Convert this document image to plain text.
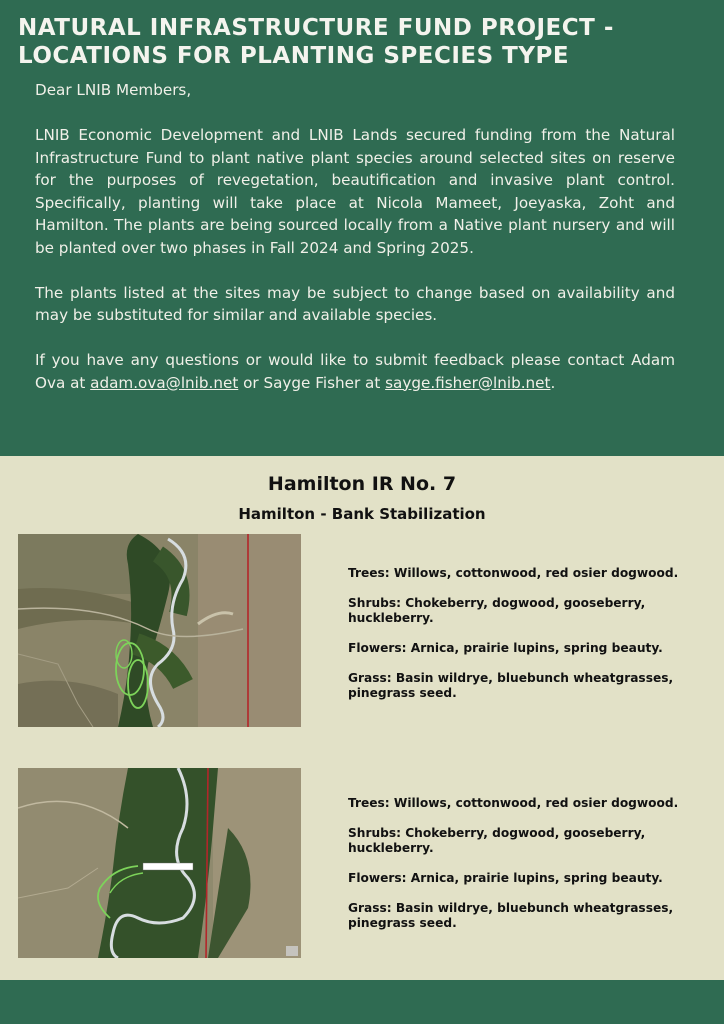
NATURAL INFRASTRUCTURE FUND PROJECT -
LOCATIONS FOR PLANTING SPECIES TYPE

Dear LNIB Members,

LNIB Economic Development and LNIB Lands secured funding from the Natural Infrastructure Fund to plant native plant species around selected sites on reserve for the purposes of revegetation, beautification and invasive plant control. Specifically, planting will take place at Nicola Mameet, Joeyaska, Zoht and Hamilton. The plants are being sourced locally from a Native plant nursery and will be planted over two phases in Fall 2024 and Spring 2025.

The plants listed at the sites may be subject to change based on availability and may be substituted for similar and available species.

If you have any questions or would like to submit feedback please contact Adam Ova at adam.ova@lnib.net or Sayge Fisher at sayge.fisher@lnib.net.

Hamilton IR No. 7
Hamilton - Bank Stabilization

Trees: Willows, cottonwood, red osier dogwood.

Shrubs: Chokeberry, dogwood, gooseberry, huckleberry.

Flowers: Arnica, prairie lupins, spring beauty.

Grass: Basin wildrye, bluebunch wheatgrasses, pinegrass seed.

Trees: Willows, cottonwood, red osier dogwood.

Shrubs: Chokeberry, dogwood, gooseberry, huckleberry.

Flowers: Arnica, prairie lupins, spring beauty.

Grass: Basin wildrye, bluebunch wheatgrasses, pinegrass seed.
